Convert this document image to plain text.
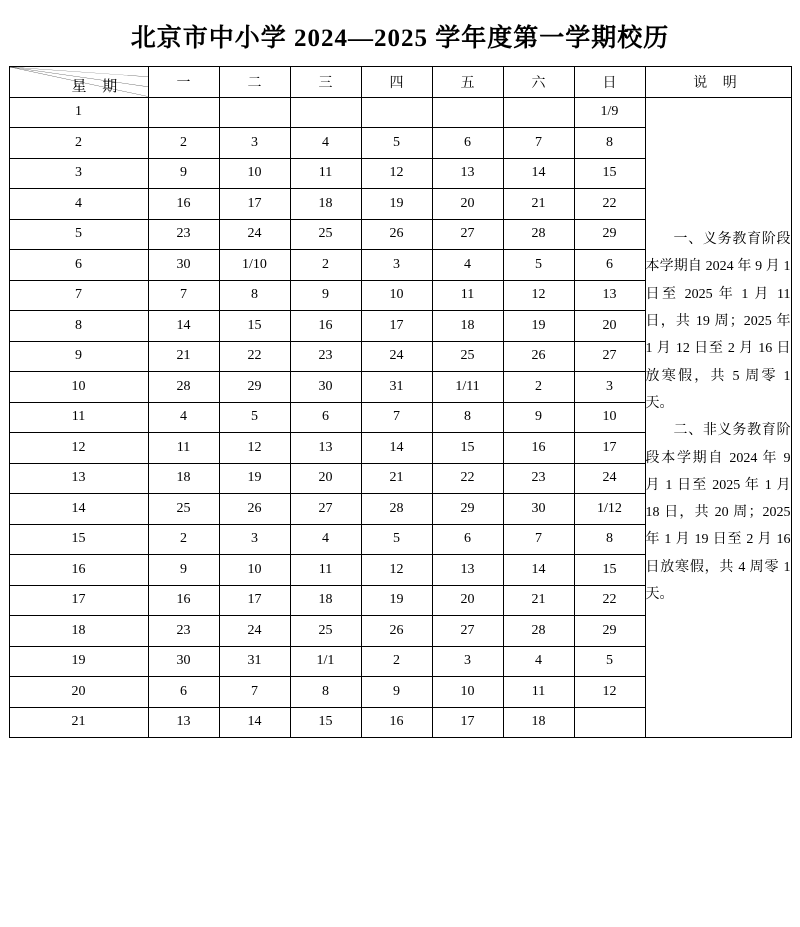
北京市中小学 2024—2025 学年度第一学期校历
星 期	一	二	三	四	五	六	日	说 明
1							1/9	一、义务教育阶段本学期自 2024 年 9 月 1 日至 2025 年 1 月 11 日，共 19 周；2025 年 1 月 12 日至 2 月 16 日放寒假，共 5 周零 1 天。

二、非义务教育阶段本学期自 2024 年 9 月 1 日至 2025 年 1 月 18 日，共 20 周；2025 年 1 月 19 日至 2 月 16 日放寒假，共 4 周零 1 天。

2	2	3	4	5	6	7	8	
3	9	10	11	12	13	14	15	
4	16	17	18	19	20	21	22	
5	23	24	25	26	27	28	29	
6	30	1/10	2	3	4	5	6	
7	7	8	9	10	11	12	13	
8	14	15	16	17	18	19	20	
9	21	22	23	24	25	26	27	
10	28	29	30	31	1/11	2	3	
11	4	5	6	7	8	9	10	
12	11	12	13	14	15	16	17	
13	18	19	20	21	22	23	24	
14	25	26	27	28	29	30	1/12	
15	2	3	4	5	6	7	8	
16	9	10	11	12	13	14	15	
17	16	17	18	19	20	21	22	
18	23	24	25	26	27	28	29	
19	30	31	1/1	2	3	4	5	
20	6	7	8	9	10	11	12	
21	13	14	15	16	17	18		
